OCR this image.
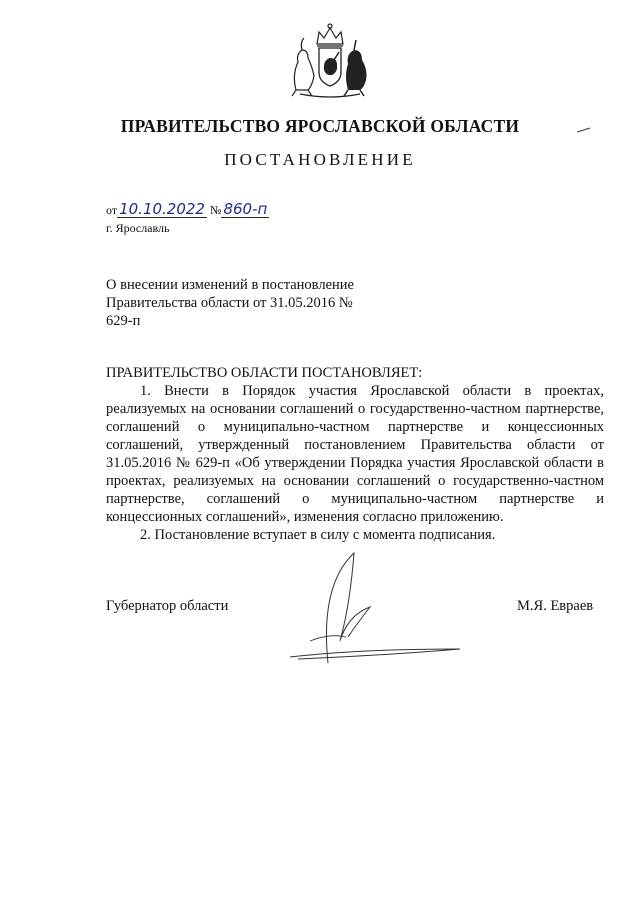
ПРАВИТЕЛЬСТВО ЯРОСЛАВСКОЙ ОБЛАСТИ
ПОСТАНОВЛЕНИЕ
от 10.10.2022 № 860-п
г. Ярославль
О внесении изменений в постановление Правительства области от 31.05.2016 № 629-п

ПРАВИТЕЛЬСТВО ОБЛАСТИ ПОСТАНОВЛЯЕТ:

1. Внести в Порядок участия Ярославской области в проектах, реализуемых на основании соглашений о государственно-частном партнерстве, соглашений о муниципально-частном партнерстве и концессионных соглашений, утвержденный постановлением Правительства области от 31.05.2016 № 629-п «Об утверждении Порядка участия Ярославской области в проектах, реализуемых на основании соглашений о государственно-частном партнерстве, соглашений о муниципально-частном партнерстве и концессионных соглашений», изменения согласно приложению.

2. Постановление вступает в силу с момента подписания.

Губернатор области	М.Я. Евраев
